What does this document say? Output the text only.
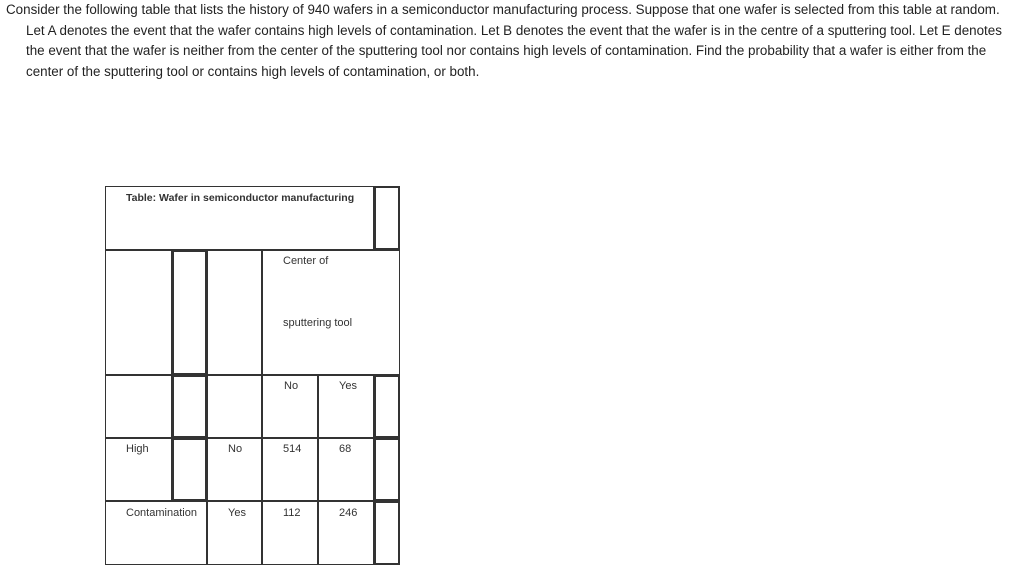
Consider the following table that lists the history of 940 wafers in a semiconductor manufacturing process. Suppose that one wafer is selected from this table at random. Let A denotes the event that the wafer contains high levels of contamination. Let B denotes the event that the wafer is in the centre of a sputtering tool. Let E denotes the event that the wafer is neither from the center of the sputtering tool nor contains high levels of contamination. Find the probability that a wafer is either from the center of the sputtering tool or contains high levels of contamination, or both.

Table: Wafer in semiconductor manufacturing
Center of
sputtering tool
No	Yes
High	No	514	68
Contamination	Yes	112	246
